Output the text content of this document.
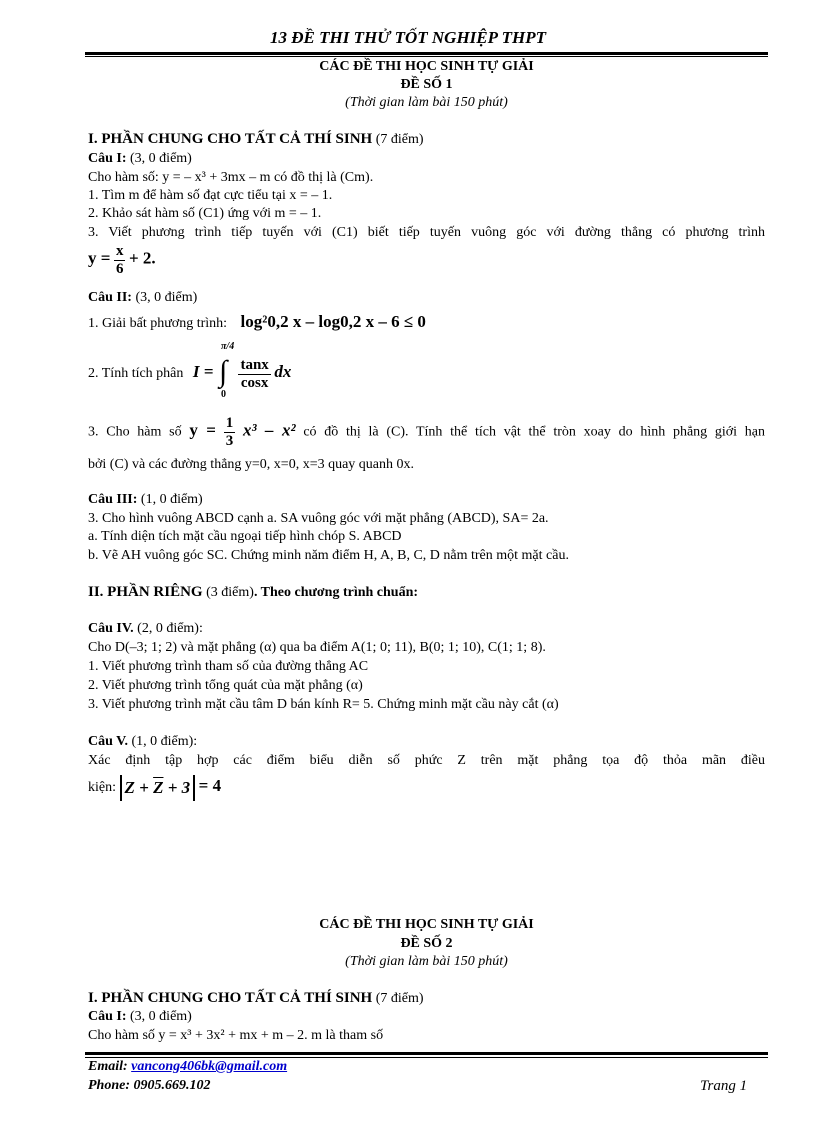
13 ĐỀ THI THỬ TỐT NGHIỆP THPT
CÁC ĐỀ THI HỌC SINH TỰ GIẢI
ĐỀ SỐ 1
(Thời gian làm bài 150 phút)
I. PHẦN CHUNG CHO TẤT CẢ THÍ SINH (7 điểm)
Câu I: (3, 0 điểm)
Cho hàm số: y = – x³ + 3mx – m có đồ thị là (Cm).
1. Tìm m để hàm số đạt cực tiểu tại x = – 1.
2. Khảo sát hàm số (C1) ứng với m = – 1.
3. Viết phương trình tiếp tuyến với (C1) biết tiếp tuyến vuông góc với đường thẳng có phương trình
$y = \frac{x}{6} + 2$.
Câu II: (3, 0 điểm)
1. Giải bất phương trình: log²0,2 x – log0,2 x – 6 ≤ 0
2. Tính tích phân I =
π/4
∫
0

$\frac{\tan x}{\cos x}$ dx
3. Cho hàm số $y = \frac{1}{3} x^3 - x^2$ có đồ thị là (C). Tính thể tích vật thể tròn xoay do hình phẳng giới hạn
bởi (C) và các đường thẳng y=0, x=0, x=3 quay quanh 0x.
Câu III: (1, 0 điểm)
3. Cho hình vuông ABCD cạnh a. SA vuông góc với mặt phẳng (ABCD), SA= 2a.
a. Tính diện tích mặt cầu ngoại tiếp hình chóp S. ABCD
b. Vẽ AH vuông góc SC. Chứng minh năm điểm H, A, B, C, D nằm trên một mặt cầu.
II. PHẦN RIÊNG (3 điểm). Theo chương trình chuẩn:
Câu IV. (2, 0 điểm):
Cho D(–3; 1; 2) và mặt phẳng (α) qua ba điểm A(1; 0; 11), B(0; 1; 10), C(1; 1; 8).
1. Viết phương trình tham số của đường thẳng AC
2. Viết phương trình tổng quát của mặt phẳng (α)
3. Viết phương trình mặt cầu tâm D bán kính R= 5. Chứng minh mặt cầu này cắt (α)
Câu V. (1, 0 điểm):
Xác định tập hợp các điểm biểu diễn số phức Z trên mặt phẳng tọa độ thỏa mãn điều
kiện: $Z + \overline{Z} + 3 = 4$
CÁC ĐỀ THI HỌC SINH TỰ GIẢI
ĐỀ SỐ 2
(Thời gian làm bài 150 phút)
I. PHẦN CHUNG CHO TẤT CẢ THÍ SINH (7 điểm)
Câu I: (3, 0 điểm)
Cho hàm số y = x³ + 3x² + mx + m – 2. m là tham số
Email: vancong406bk@gmail.com
Phone: 0905.669.102	Trang 1
